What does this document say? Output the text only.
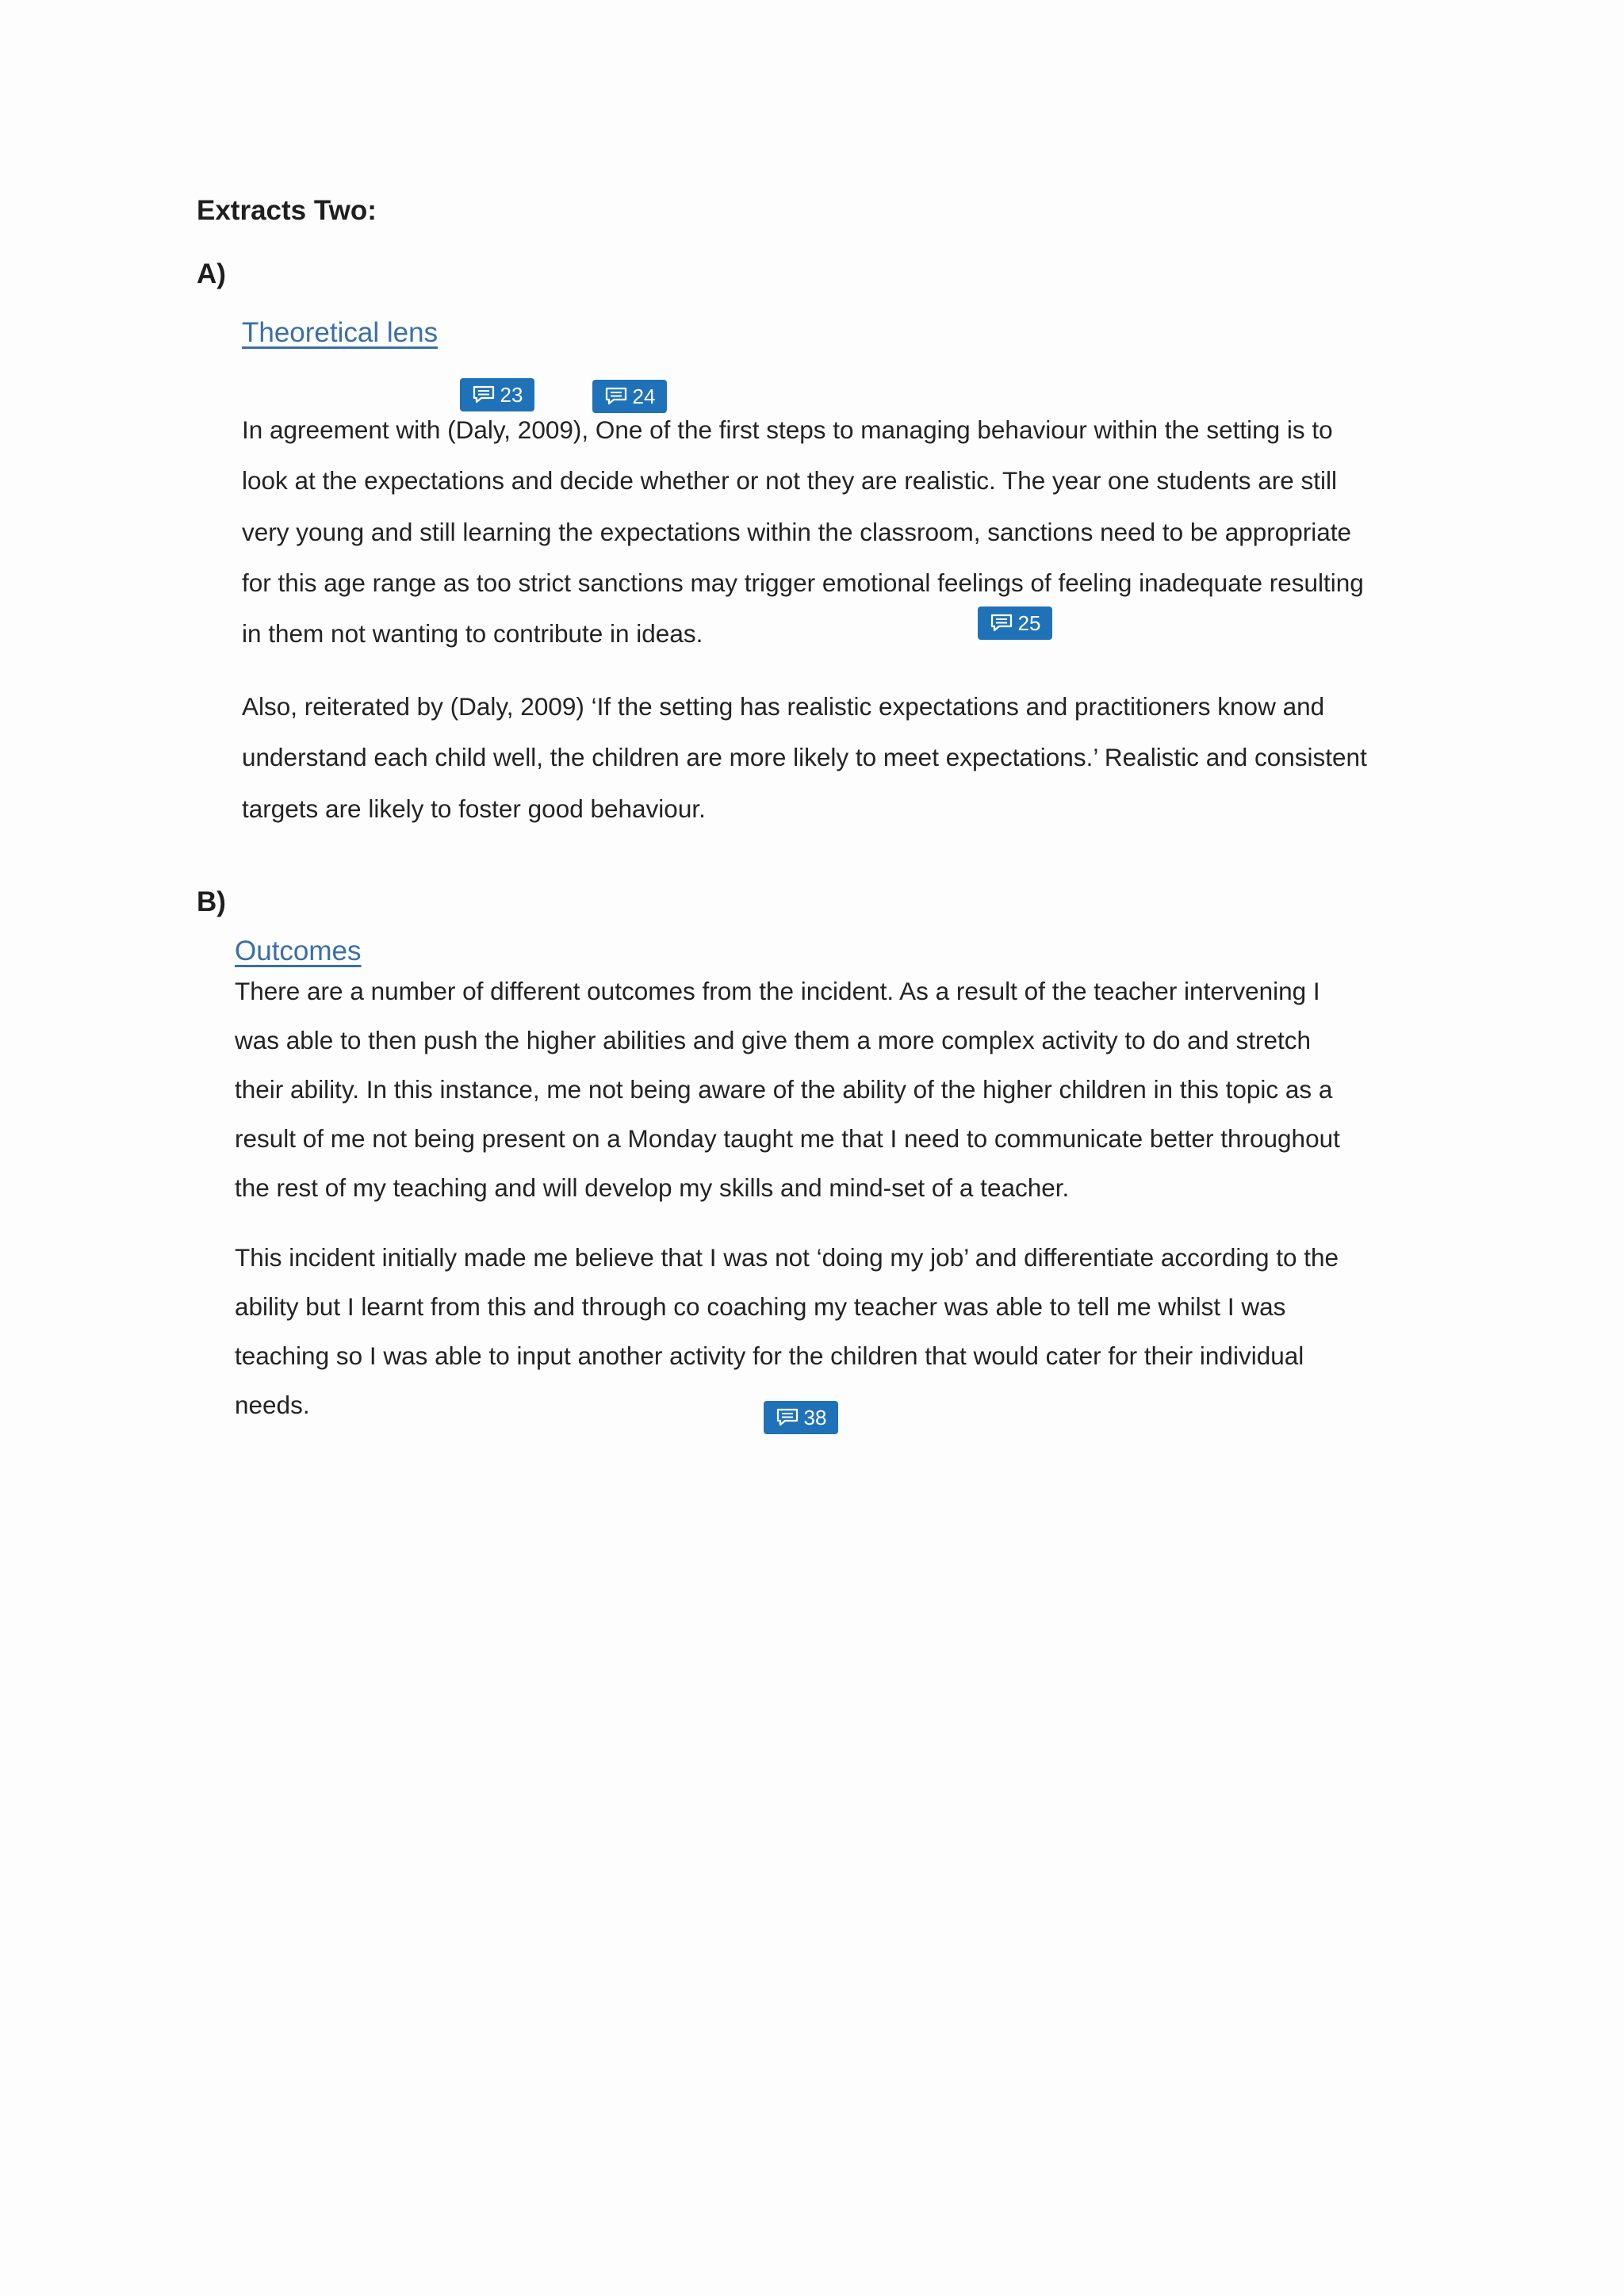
Extracts Two:

A)

Theoretical lens

23	24

In agreement with (Daly, 2009), One of the first steps to managing behaviour within the setting is to look at the expectations and decide whether or not they are realistic. The year one students are still very young and still learning the expectations within the classroom, sanctions need to be appropriate for this age range as too strict sanctions may trigger emotional feelings of feeling inadequate resulting in them not wanting to contribute in ideas.	25

Also, reiterated by (Daly, 2009) ‘If the setting has realistic expectations and practitioners know and understand each child well, the children are more likely to meet expectations.’ Realistic and consistent targets are likely to foster good behaviour.

B)

Outcomes

There are a number of different outcomes from the incident. As a result of the teacher intervening I was able to then push the higher abilities and give them a more complex activity to do and stretch their ability. In this instance, me not being aware of the ability of the higher children in this topic as a result of me not being present on a Monday taught me that I need to communicate better throughout the rest of my teaching and will develop my skills and mind-set of a teacher.

This incident initially made me believe that I was not ‘doing my job’ and differentiate according to the ability but I learnt from this and through co coaching my teacher was able to tell me whilst I was teaching so I was able to input another activity for the children that would cater for their individual needs.	38
